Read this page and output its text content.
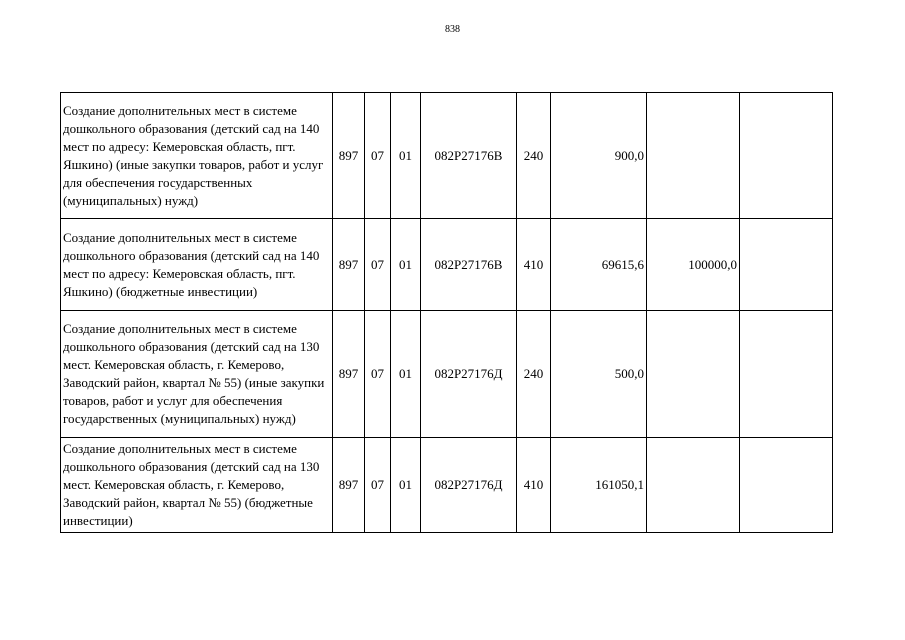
838
Создание дополнительных мест в системе дошкольного образования (детский сад на 140 мест по адресу: Кемеровская область, пгт. Яшкино) (иные закупки товаров, работ и услуг для обеспечения государственных (муниципальных) нужд)	897	07	01	082P27176B	240	900,0		
Создание дополнительных мест в системе дошкольного образования (детский сад на 140 мест по адресу: Кемеровская область, пгт. Яшкино) (бюджетные инвестиции)	897	07	01	082P27176B	410	69615,6	100000,0	
Создание дополнительных мест в системе дошкольного образования (детский сад на 130 мест. Кемеровская область, г. Кемерово, Заводский район, квартал № 55) (иные закупки товаров, работ и услуг для обеспечения государственных (муниципальных) нужд)	897	07	01	082P27176Д	240	500,0		
Создание дополнительных мест в системе дошкольного образования (детский сад на 130 мест. Кемеровская область, г. Кемерово, Заводский район, квартал № 55) (бюджетные инвестиции)	897	07	01	082P27176Д	410	161050,1		
